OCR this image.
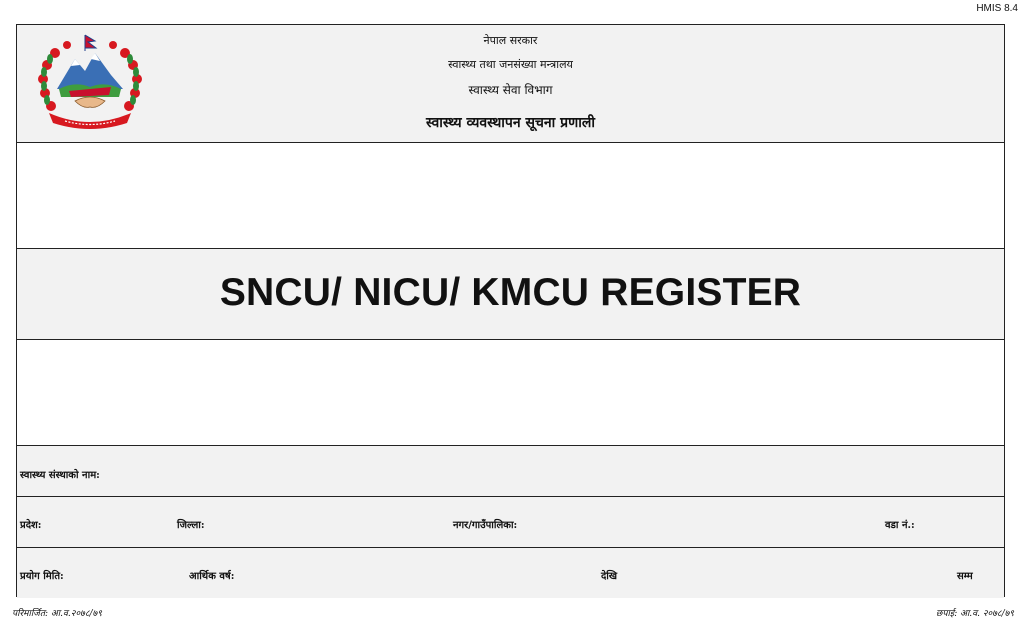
HMIS 8.4
नेपाल सरकार
स्वास्थ्य तथा जनसंख्या मन्त्रालय
स्वास्थ्य सेवा विभाग
स्वास्थ्य व्यवस्थापन सूचना प्रणाली
SNCU/ NICU/ KMCU REGISTER
स्वास्थ्य संस्थाको नाम:
प्रदेश:	जिल्ला:	नगर/गाउँपालिका:	वडा नं.:
प्रयोग मिति:	आर्थिक वर्ष:	देखि	सम्म
परिमार्जित: आ.व.२०७८/७९	छपाई: आ.व. २०७८/७९
